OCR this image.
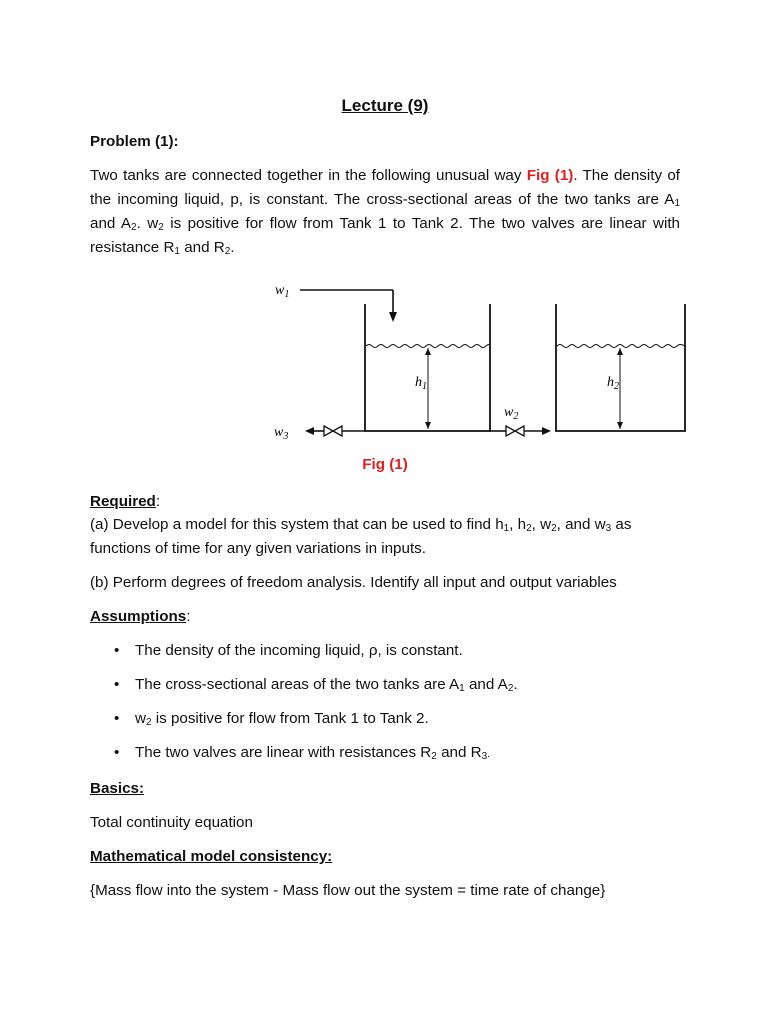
Lecture (9)
Problem (1):
Two tanks are connected together in the following unusual way Fig (1). The density of the incoming liquid, p, is constant. The cross-sectional areas of the two tanks are $A_1$ and $A_2$. $w_2$ is positive for flow from Tank 1 to Tank 2. The two valves are linear with resistance $R_1$ and $R_2$.
$w_1$
$h_1$	$h_2$
$w_3$
$w_2$
Fig (1)
Required:
(a) Develop a model for this system that can be used to find $h_1$, $h_2$, $w_2$, and $w_3$ as functions of time for any given variations in inputs.
(b) Perform degrees of freedom analysis. Identify all input and output variables
Assumptions:
• The density of the incoming liquid, ρ, is constant.
• The cross-sectional areas of the two tanks are $A_1$ and $A_2$.
• $w_2$ is positive for flow from Tank 1 to Tank 2.
• The two valves are linear with resistances $R_2$ and $R_3$.
Basics:
Total continuity equation
Mathematical model consistency:
{Mass flow into the system - Mass flow out the system = time rate of change}
